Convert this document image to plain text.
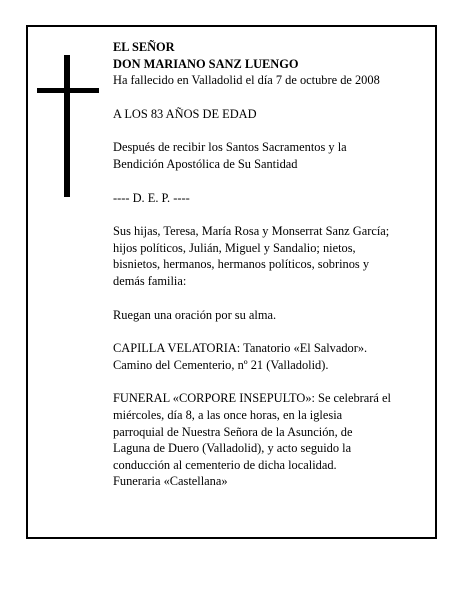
EL SEÑOR
DON MARIANO SANZ LUENGO
Ha fallecido en Valladolid el día 7 de octubre de 2008

A LOS 83 AÑOS DE EDAD

Después de recibir los Santos Sacramentos y la
Bendición Apostólica de Su Santidad

---- D. E. P. ----

Sus hijas, Teresa, María Rosa y Monserrat Sanz García;
hijos políticos, Julián, Miguel y Sandalio; nietos,
bisnietos, hermanos, hermanos políticos, sobrinos y
demás familia:

Ruegan una oración por su alma.

CAPILLA VELATORIA: Tanatorio «El Salvador».
Camino del Cementerio, nº 21 (Valladolid).

FUNERAL «CORPORE INSEPULTO»: Se celebrará el
miércoles, día 8, a las once horas, en la iglesia
parroquial de Nuestra Señora de la Asunción, de
Laguna de Duero (Valladolid), y acto seguido la
conducción al cementerio de dicha localidad.
Funeraria «Castellana»
